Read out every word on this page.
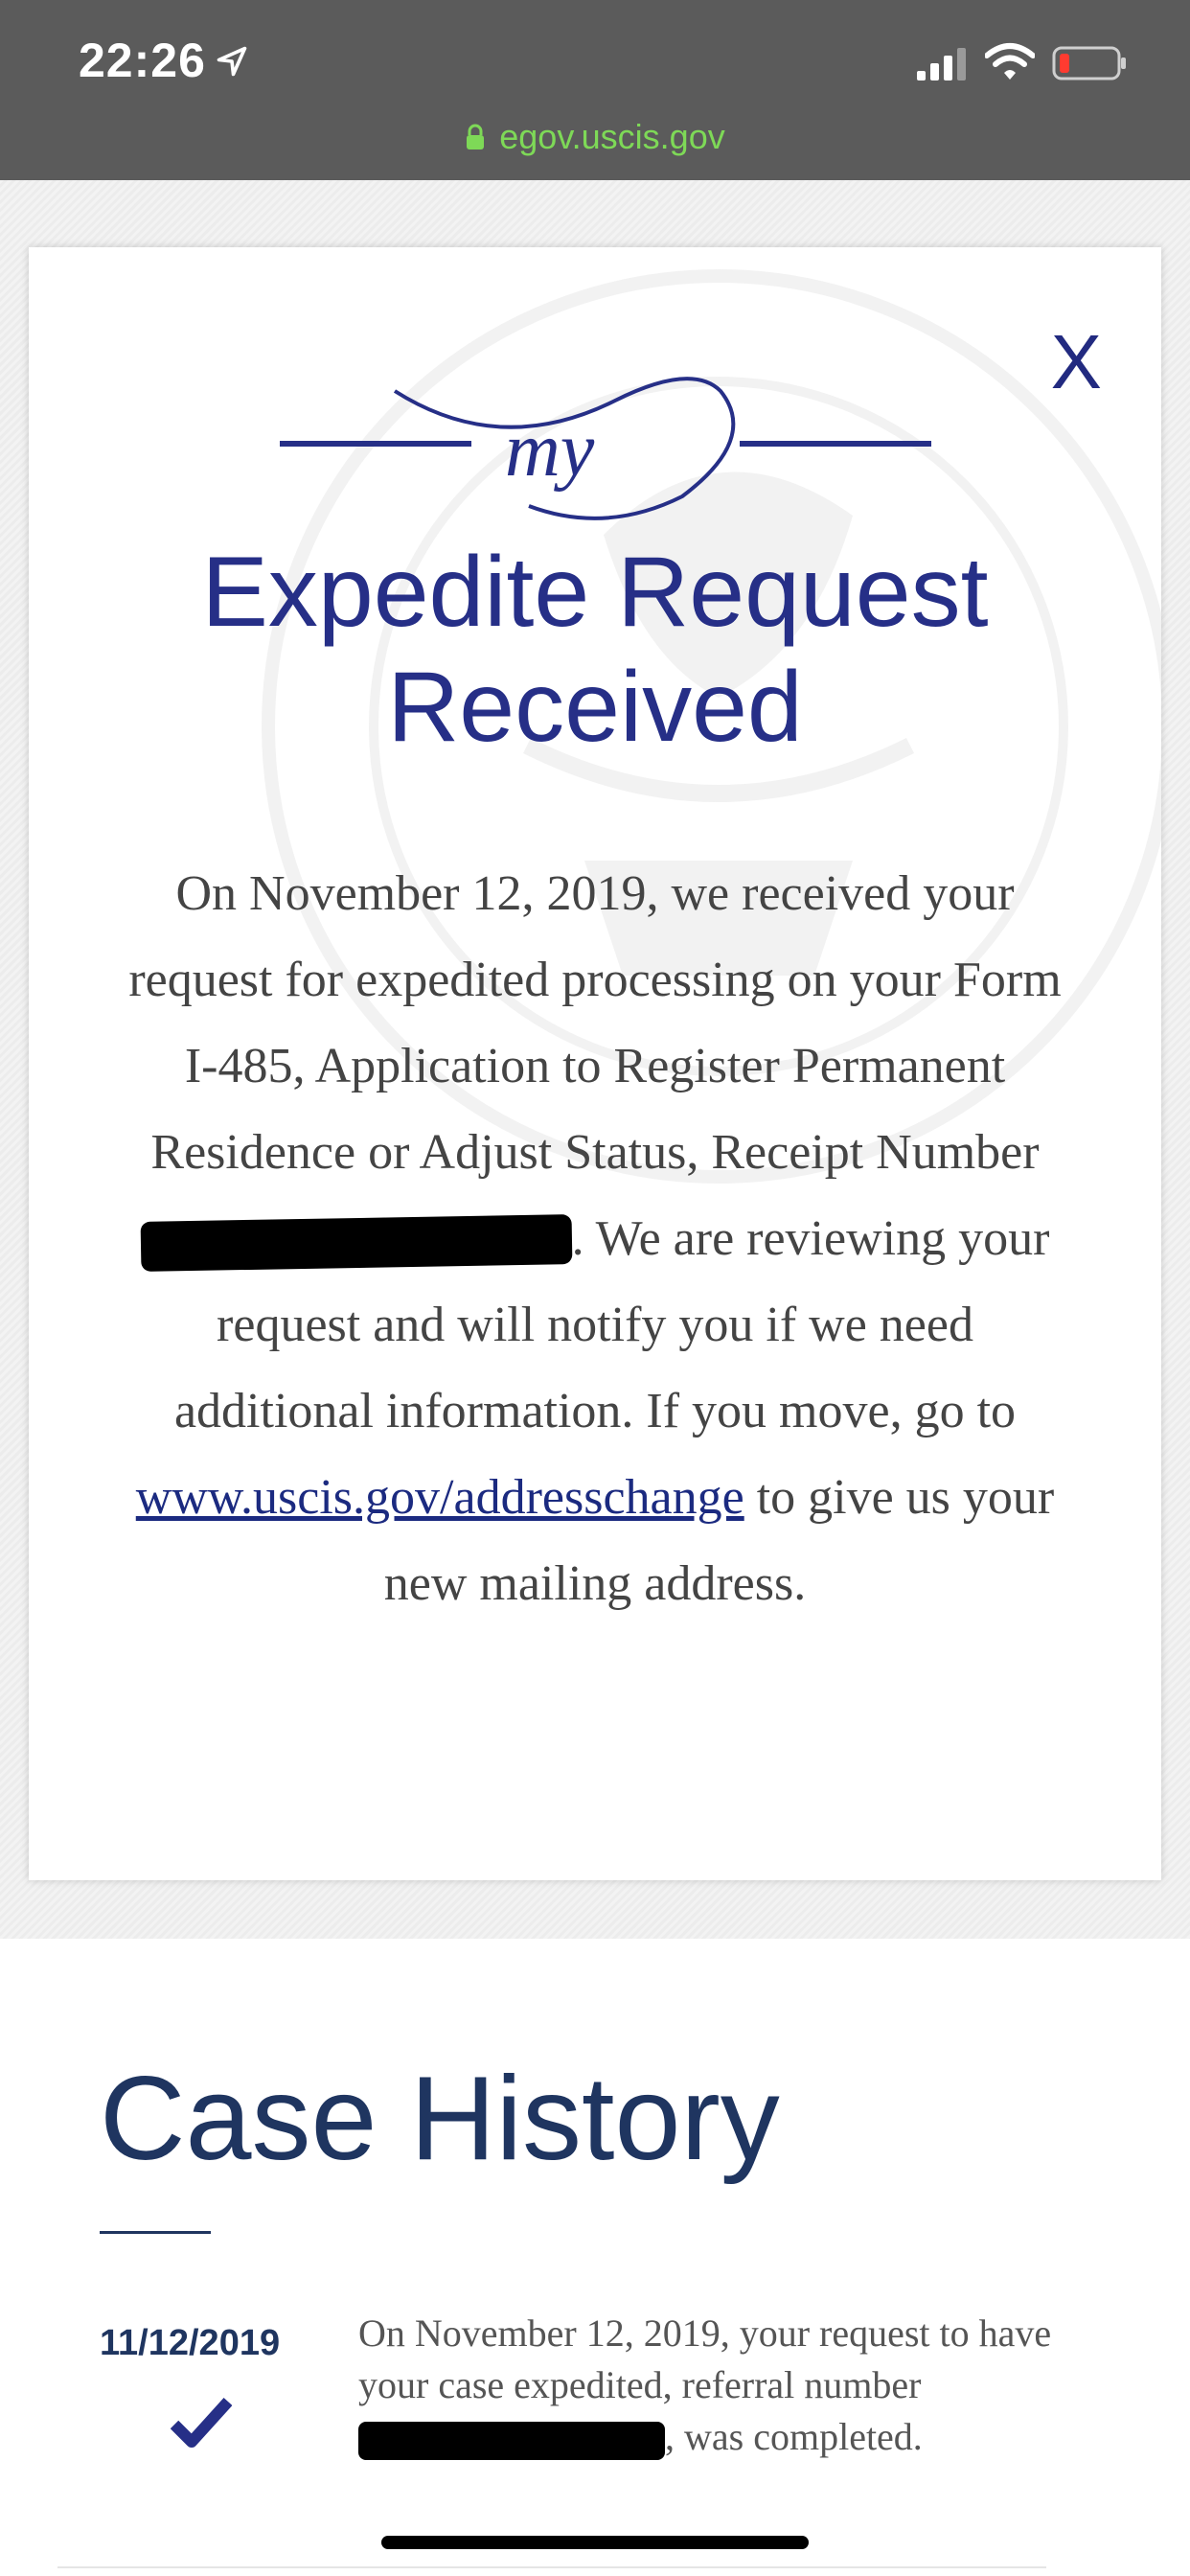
22:26
egov.uscis.gov
X
my
Expedite Request
Received
On November 12, 2019, we received your request for expedited processing on your Form I-485, Application to Register Permanent Residence or Adjust Status, Receipt Number . We are reviewing your request and will notify you if we need additional information. If you move, go to www.uscis.gov/addresschange to give us your new mailing address.
Case History
11/12/2019 On November 12, 2019, your request to have your case expedited, referral number , was completed.
